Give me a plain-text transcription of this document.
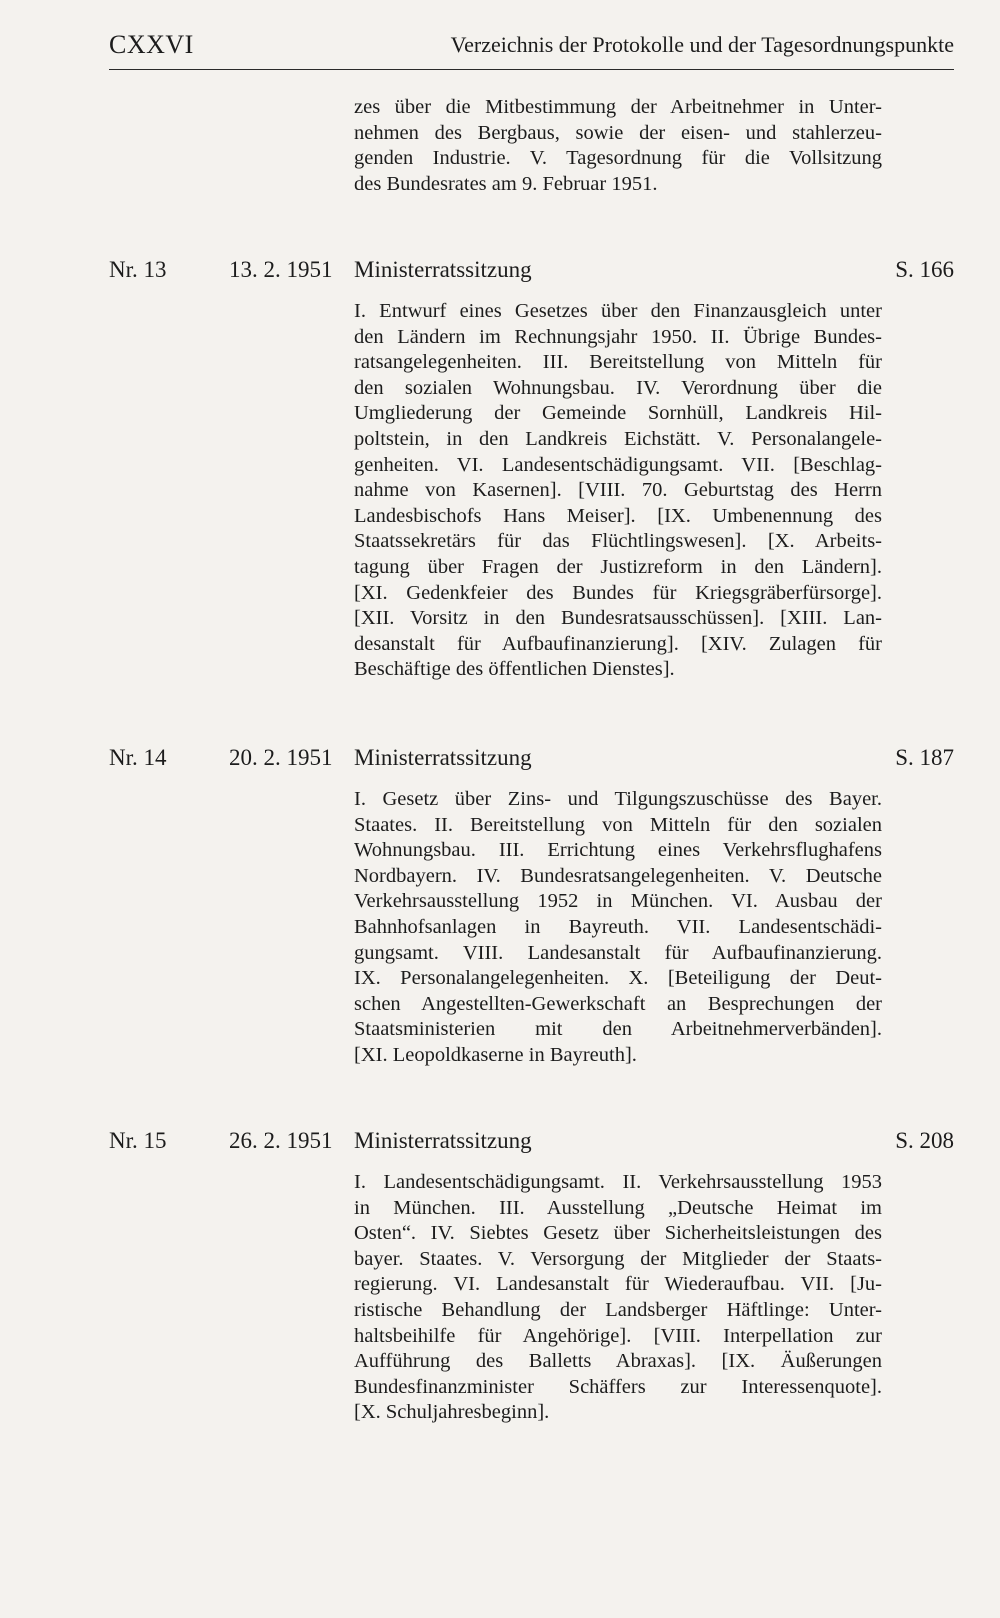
CXXVI	Verzeichnis der Protokolle und der Tagesordnungspunkte
zes über die Mitbestimmung der Arbeitnehmer in Unter-
nehmen des Bergbaus, sowie der eisen- und stahlerzeu-
genden Industrie. V. Tagesordnung für die Vollsitzung
des Bundesrates am 9. Februar 1951.
Nr. 13	13. 2. 1951 Ministerratssitzung	S. 166
I. Entwurf eines Gesetzes über den Finanzausgleich unter
den Ländern im Rechnungsjahr 1950. II. Übrige Bundes-
ratsangelegenheiten. III. Bereitstellung von Mitteln für
den sozialen Wohnungsbau. IV. Verordnung über die
Umgliederung der Gemeinde Sornhüll, Landkreis Hil-
poltstein, in den Landkreis Eichstätt. V. Personalangele-
genheiten. VI. Landesentschädigungsamt. VII. [Beschlag-
nahme von Kasernen]. [VIII. 70. Geburtstag des Herrn
Landesbischofs Hans Meiser]. [IX. Umbenennung des
Staatssekretärs für das Flüchtlingswesen]. [X. Arbeits-
tagung über Fragen der Justizreform in den Ländern].
[XI. Gedenkfeier des Bundes für Kriegsgräberfürsorge].
[XII. Vorsitz in den Bundesratsausschüssen]. [XIII. Lan-
desanstalt für Aufbaufinanzierung]. [XIV. Zulagen für
Beschäftige des öffentlichen Dienstes].
Nr. 14	20. 2. 1951 Ministerratssitzung	S. 187
I. Gesetz über Zins- und Tilgungszuschüsse des Bayer.
Staates. II. Bereitstellung von Mitteln für den sozialen
Wohnungsbau. III. Errichtung eines Verkehrsflughafens
Nordbayern. IV. Bundesratsangelegenheiten. V. Deutsche
Verkehrsausstellung 1952 in München. VI. Ausbau der
Bahnhofsanlagen in Bayreuth. VII. Landesentschädi-
gungsamt. VIII. Landesanstalt für Aufbaufinanzierung.
IX. Personalangelegenheiten. X. [Beteiligung der Deut-
schen Angestellten-Gewerkschaft an Besprechungen der
Staatsministerien mit den Arbeitnehmerverbänden].
[XI. Leopoldkaserne in Bayreuth].
Nr. 15	26. 2. 1951 Ministerratssitzung	S. 208
I. Landesentschädigungsamt. II. Verkehrsausstellung 1953
in München. III. Ausstellung „Deutsche Heimat im
Osten“. IV. Siebtes Gesetz über Sicherheitsleistungen des
bayer. Staates. V. Versorgung der Mitglieder der Staats-
regierung. VI. Landesanstalt für Wiederaufbau. VII. [Ju-
ristische Behandlung der Landsberger Häftlinge: Unter-
haltsbeihilfe für Angehörige]. [VIII. Interpellation zur
Aufführung des Balletts Abraxas]. [IX. Äußerungen
Bundesfinanzminister Schäffers zur Interessenquote].
[X. Schuljahresbeginn].
